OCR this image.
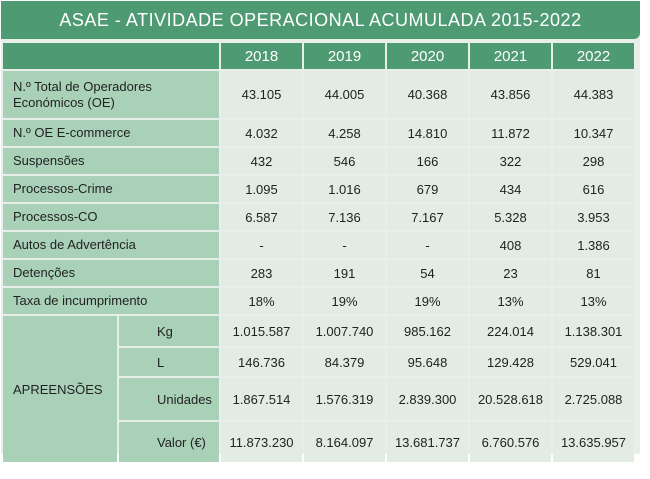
ASAE - ATIVIDADE OPERACIONAL ACUMULADA 2015-2022
		2018	2019	2020	2021	2022
N.º Total de Operadores Económicos (OE)		43.105	44.005	40.368	43.856	44.383
N.º OE E-commerce		4.032	4.258	14.810	11.872	10.347
Suspensões		432	546	166	322	298
Processos-Crime		1.095	1.016	679	434	616
Processos-CO		6.587	7.136	7.167	5.328	3.953
Autos de Advertência		-	-	-	408	1.386
Detenções		283	191	54	23	81
Taxa de incumprimento		18%	19%	19%	13%	13%
APREENSÕES	Kg	1.015.587	1.007.740	985.162	224.014	1.138.301
	L	146.736	84.379	95.648	129.428	529.041
	Unidades	1.867.514	1.576.319	2.839.300	20.528.618	2.725.088
	Valor (€)	11.873.230	8.164.097	13.681.737	6.760.576	13.635.957
